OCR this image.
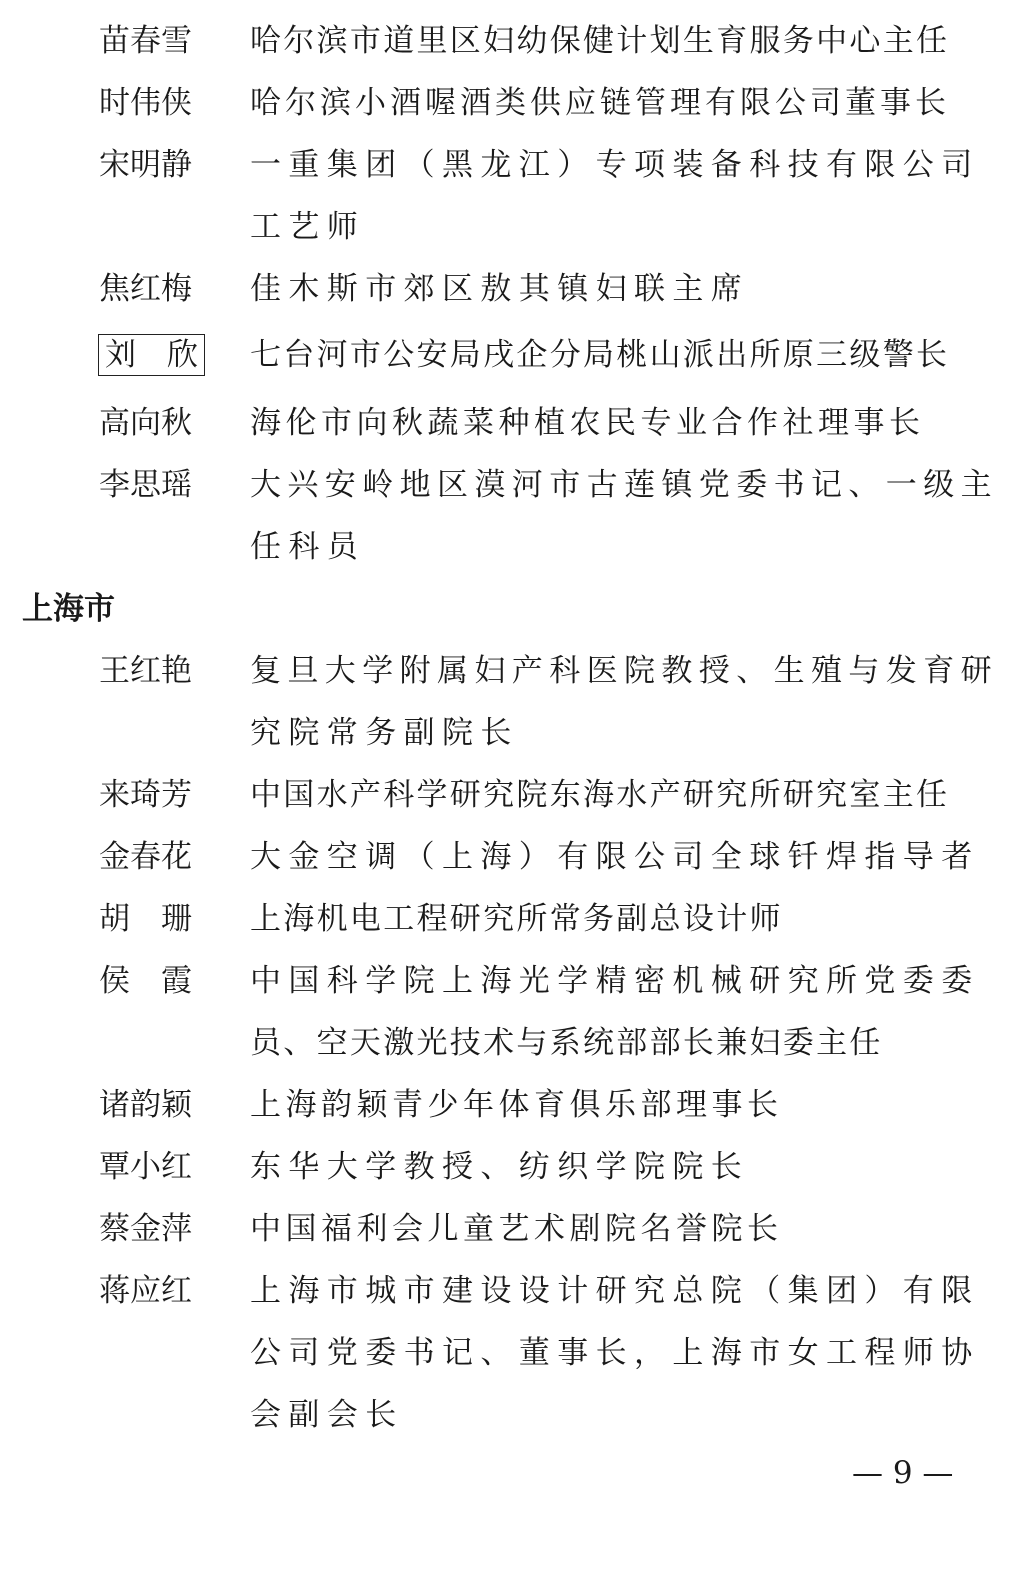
苗春雪	哈尔滨市道里区妇幼保健计划生育服务中心主任
时伟侠	哈尔滨小酒喔酒类供应链管理有限公司董事长
宋明静	一重集团（黑龙江）专项装备科技有限公司
工艺师
焦红梅	佳木斯市郊区敖其镇妇联主席
刘　欣	七台河市公安局戌企分局桃山派出所原三级警长
高向秋	海伦市向秋蔬菜种植农民专业合作社理事长
李思瑶	大兴安岭地区漠河市古莲镇党委书记、一级主
任科员
上海市
王红艳	复旦大学附属妇产科医院教授、生殖与发育研
究院常务副院长
来琦芳	中国水产科学研究院东海水产研究所研究室主任
金春花	大金空调（上海）有限公司全球钎焊指导者
胡　珊	上海机电工程研究所常务副总设计师
侯　霞	中国科学院上海光学精密机械研究所党委委
员、空天激光技术与系统部部长兼妇委主任
诸韵颖	上海韵颖青少年体育俱乐部理事长
覃小红	东华大学教授、纺织学院院长
蔡金萍	中国福利会儿童艺术剧院名誉院长
蒋应红	上海市城市建设设计研究总院（集团）有限
公司党委书记、董事长，上海市女工程师协
会副会长
— 9 —
